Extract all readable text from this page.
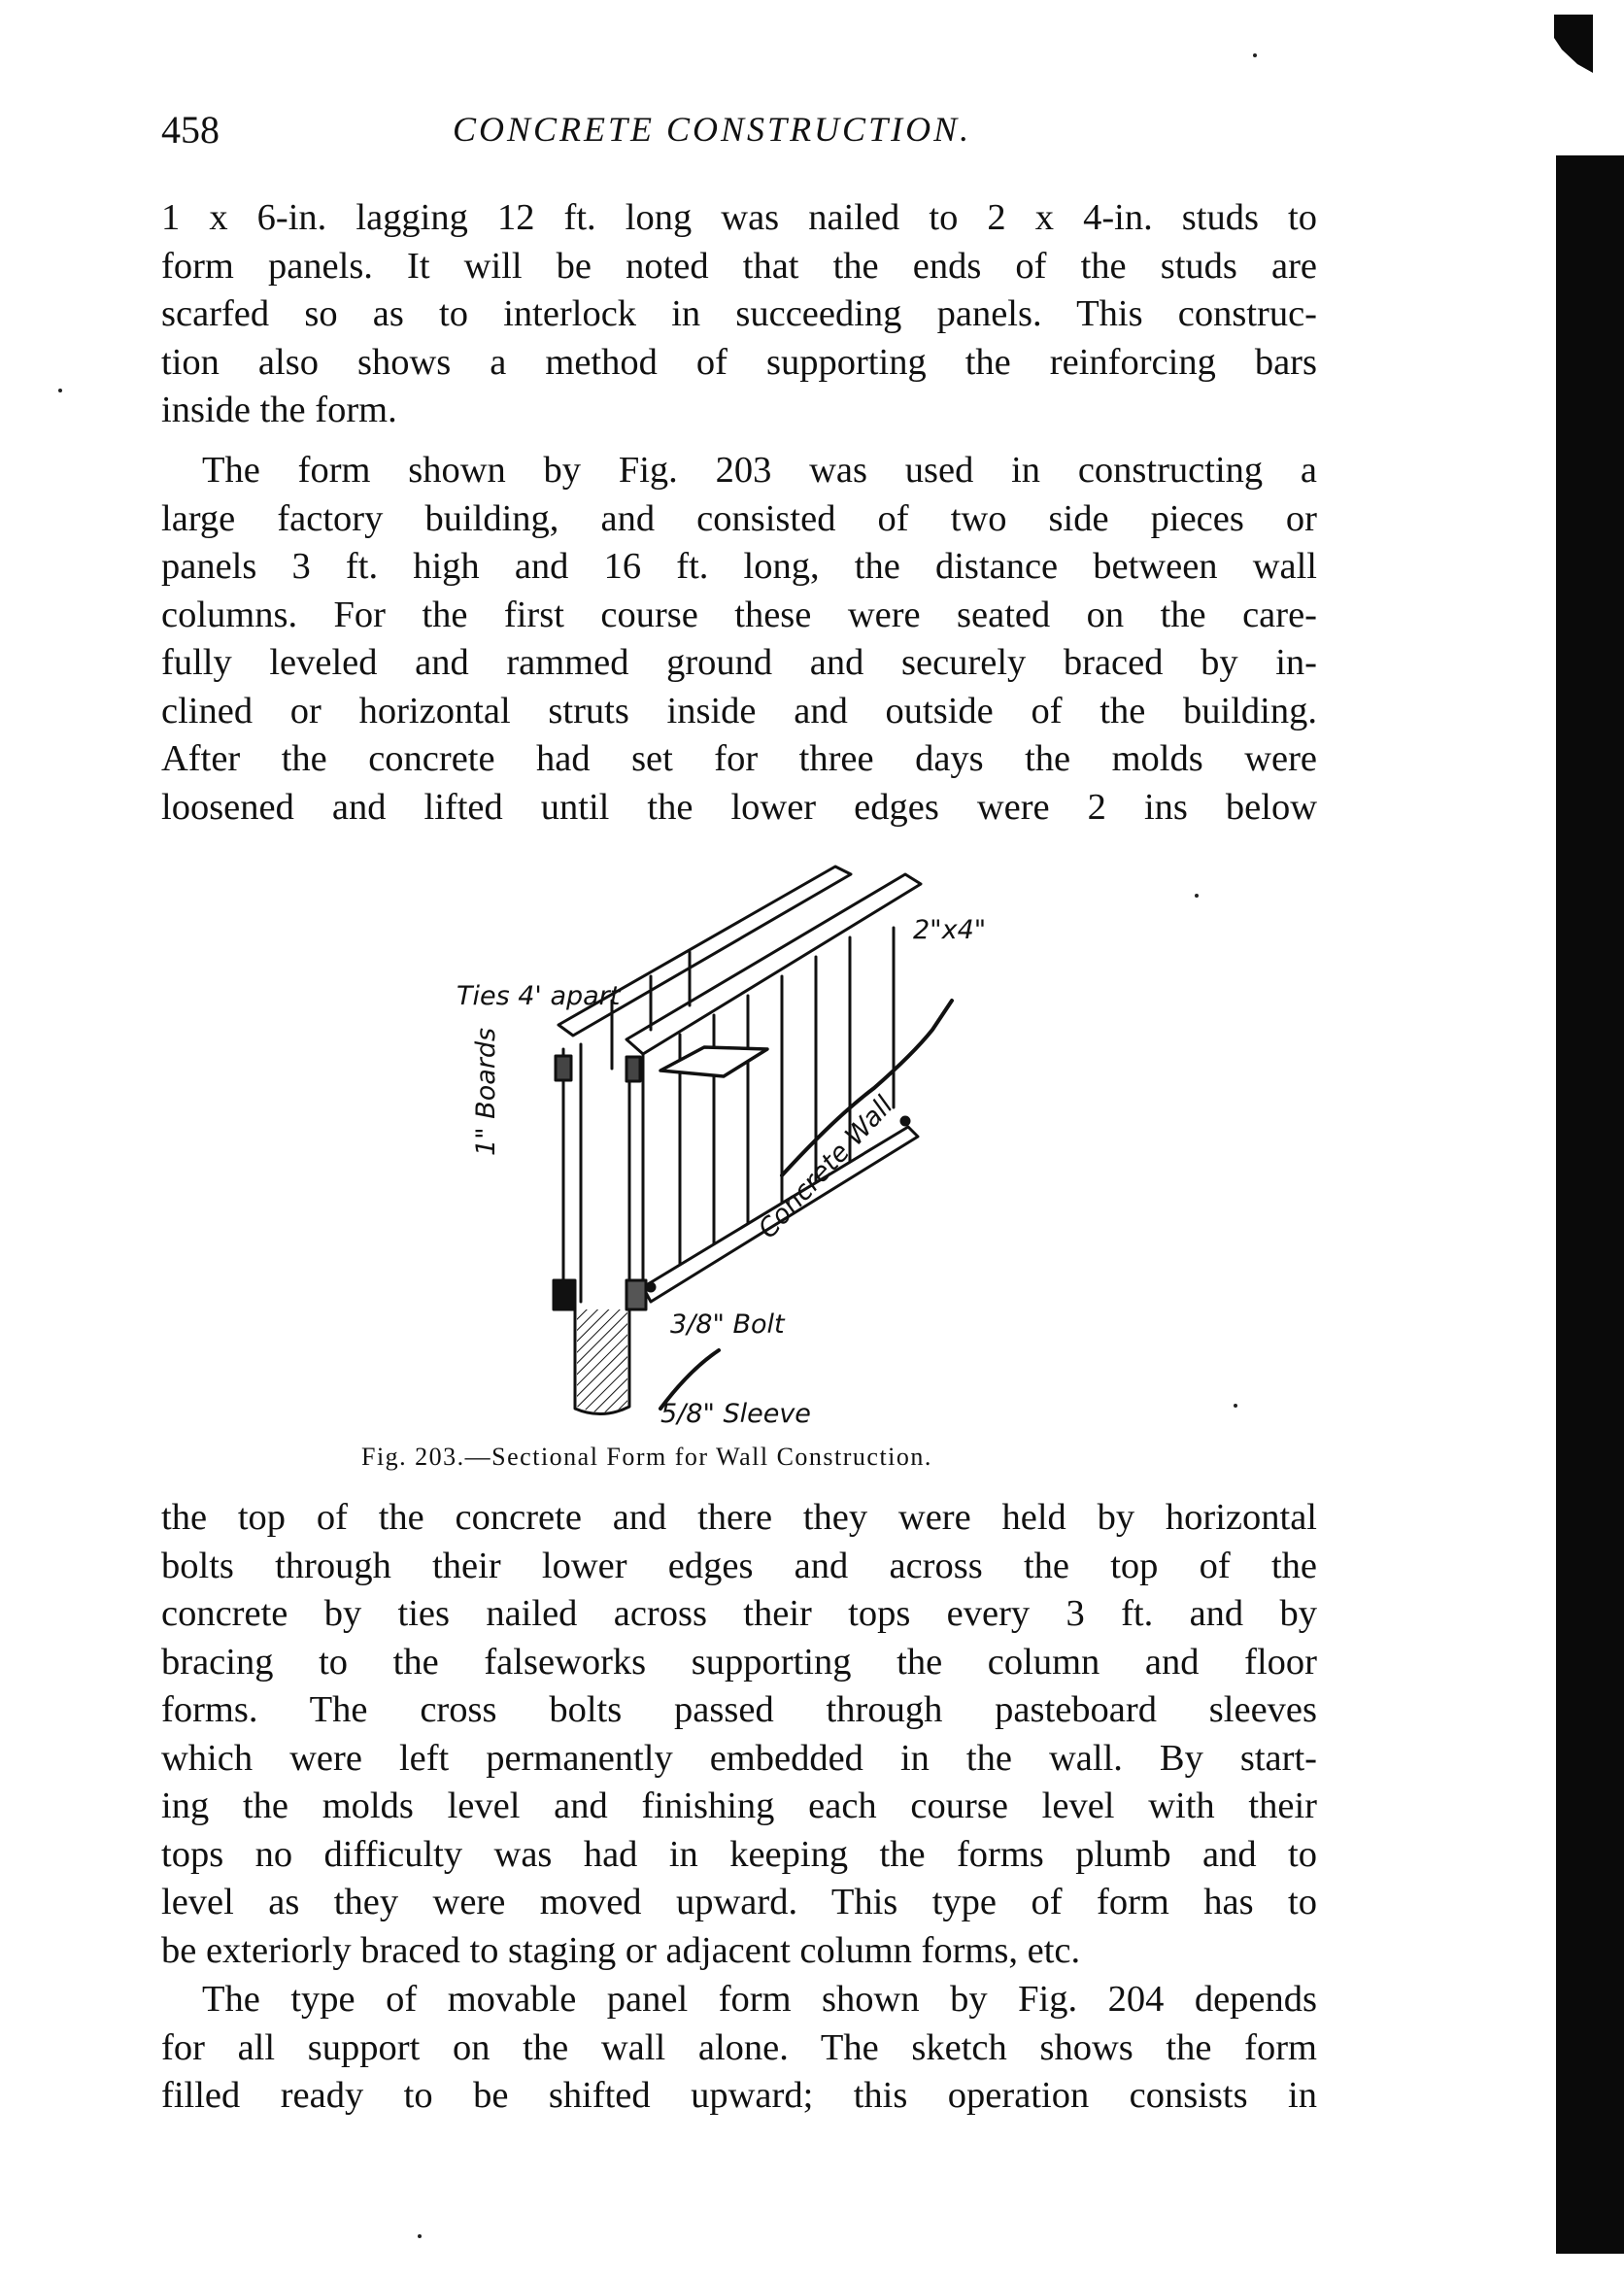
458	CONCRETE CONSTRUCTION.
1 x 6-in. lagging 12 ft. long was nailed to 2 x 4-in. studs to
form panels. It will be noted that the ends of the studs are
scarfed so as to interlock in succeeding panels. This construc-
tion also shows a method of supporting the reinforcing bars
inside the form.
The form shown by Fig. 203 was used in constructing a
large factory building, and consisted of two side pieces or
panels 3 ft. high and 16 ft. long, the distance between wall
columns. For the first course these were seated on the care-
fully leveled and rammed ground and securely braced by in-
clined or horizontal struts inside and outside of the building.
After the concrete had set for three days the molds were
loosened and lifted until the lower edges were 2 ins below
Ties 4' apart
2"x4"
1" Boards	Concrete Wall
3/8" Bolt
5/8" Sleeve
Fig. 203.—Sectional Form for Wall Construction.
the top of the concrete and there they were held by horizontal
bolts through their lower edges and across the top of the
concrete by ties nailed across their tops every 3 ft. and by
bracing to the falseworks supporting the column and floor
forms. The cross bolts passed through pasteboard sleeves
which were left permanently embedded in the wall. By start-
ing the molds level and finishing each course level with their
tops no difficulty was had in keeping the forms plumb and to
level as they were moved upward. This type of form has to
be exteriorly braced to staging or adjacent column forms, etc.
The type of movable panel form shown by Fig. 204 depends
for all support on the wall alone. The sketch shows the form
filled ready to be shifted upward; this operation consists in
